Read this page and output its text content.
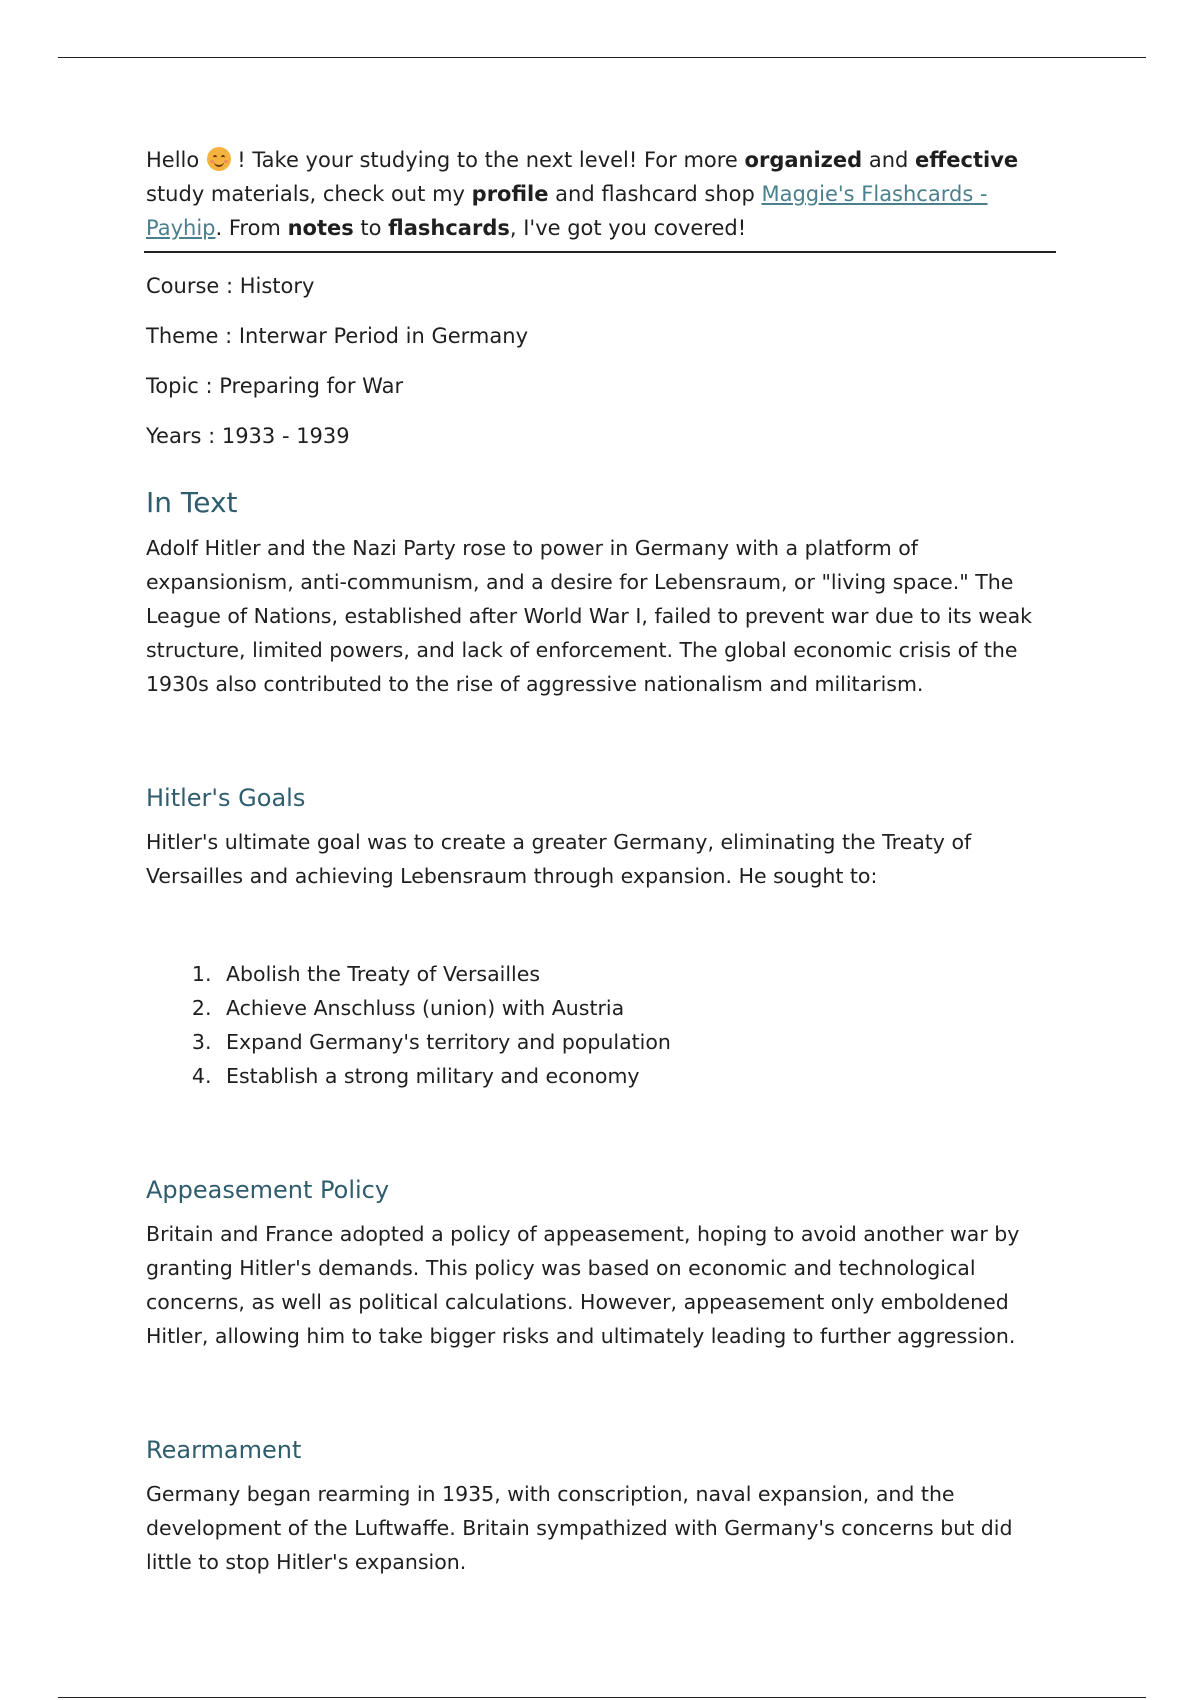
Hello ! Take your studying to the next level! For more organized and effective study materials, check out my profile and flashcard shop Maggie's Flashcards - Payhip. From notes to flashcards, I've got you covered!

Course : History

Theme : Interwar Period in Germany

Topic : Preparing for War

Years : 1933 - 1939

In Text

Adolf Hitler and the Nazi Party rose to power in Germany with a platform of expansionism, anti-communism, and a desire for Lebensraum, or "living space." The League of Nations, established after World War I, failed to prevent war due to its weak structure, limited powers, and lack of enforcement. The global economic crisis of the 1930s also contributed to the rise of aggressive nationalism and militarism.

Hitler's Goals

Hitler's ultimate goal was to create a greater Germany, eliminating the Treaty of Versailles and achieving Lebensraum through expansion. He sought to:

1. Abolish the Treaty of Versailles
2. Achieve Anschluss (union) with Austria
3. Expand Germany's territory and population
4. Establish a strong military and economy
Appeasement Policy

Britain and France adopted a policy of appeasement, hoping to avoid another war by granting Hitler's demands. This policy was based on economic and technological concerns, as well as political calculations. However, appeasement only emboldened Hitler, allowing him to take bigger risks and ultimately leading to further aggression.

Rearmament

Germany began rearming in 1935, with conscription, naval expansion, and the development of the Luftwaffe. Britain sympathized with Germany's concerns but did little to stop Hitler's expansion.
